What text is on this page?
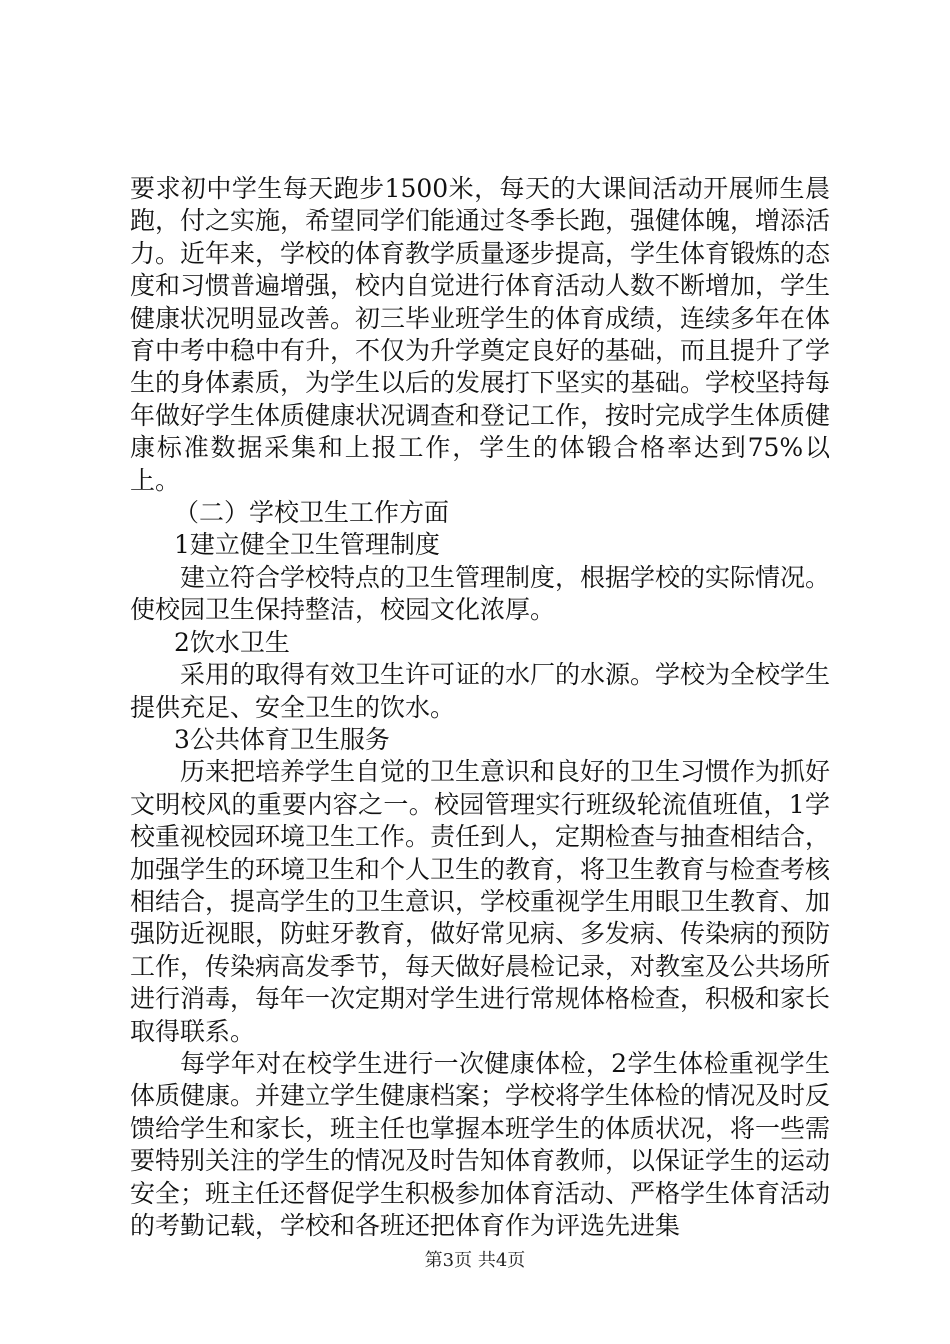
要求初中学生每天跑步1500米，每天的大课间活动开展师生晨跑，付之实施，希望同学们能通过冬季长跑，强健体魄，增添活力。近年来，学校的体育教学质量逐步提高，学生体育锻炼的态度和习惯普遍增强，校内自觉进行体育活动人数不断增加，学生健康状况明显改善。初三毕业班学生的体育成绩，连续多年在体育中考中稳中有升，不仅为升学奠定良好的基础，而且提升了学生的身体素质，为学生以后的发展打下坚实的基础。学校坚持每年做好学生体质健康状况调查和登记工作，按时完成学生体质健康标准数据采集和上报工作，学生的体锻合格率达到75%以上。

（二）学校卫生工作方面

1建立健全卫生管理制度

建立符合学校特点的卫生管理制度，根据学校的实际情况。使校园卫生保持整洁，校园文化浓厚。

2饮水卫生

采用的取得有效卫生许可证的水厂的水源。学校为全校学生提供充足、安全卫生的饮水。

3公共体育卫生服务

历来把培养学生自觉的卫生意识和良好的卫生习惯作为抓好文明校风的重要内容之一。校园管理实行班级轮流值班值，1学校重视校园环境卫生工作。责任到人，定期检查与抽查相结合，加强学生的环境卫生和个人卫生的教育，将卫生教育与检查考核相结合，提高学生的卫生意识，学校重视学生用眼卫生教育、加强防近视眼，防蛀牙教育，做好常见病、多发病、传染病的预防工作，传染病高发季节，每天做好晨检记录，对教室及公共场所进行消毒，每年一次定期对学生进行常规体格检查，积极和家长取得联系。

每学年对在校学生进行一次健康体检，2学生体检重视学生体质健康。并建立学生健康档案；学校将学生体检的情况及时反馈给学生和家长，班主任也掌握本班学生的体质状况，将一些需要特别关注的学生的情况及时告知体育教师，以保证学生的运动安全；班主任还督促学生积极参加体育活动、严格学生体育活动的考勤记载，学校和各班还把体育作为评选先进集

第3页 共4页
